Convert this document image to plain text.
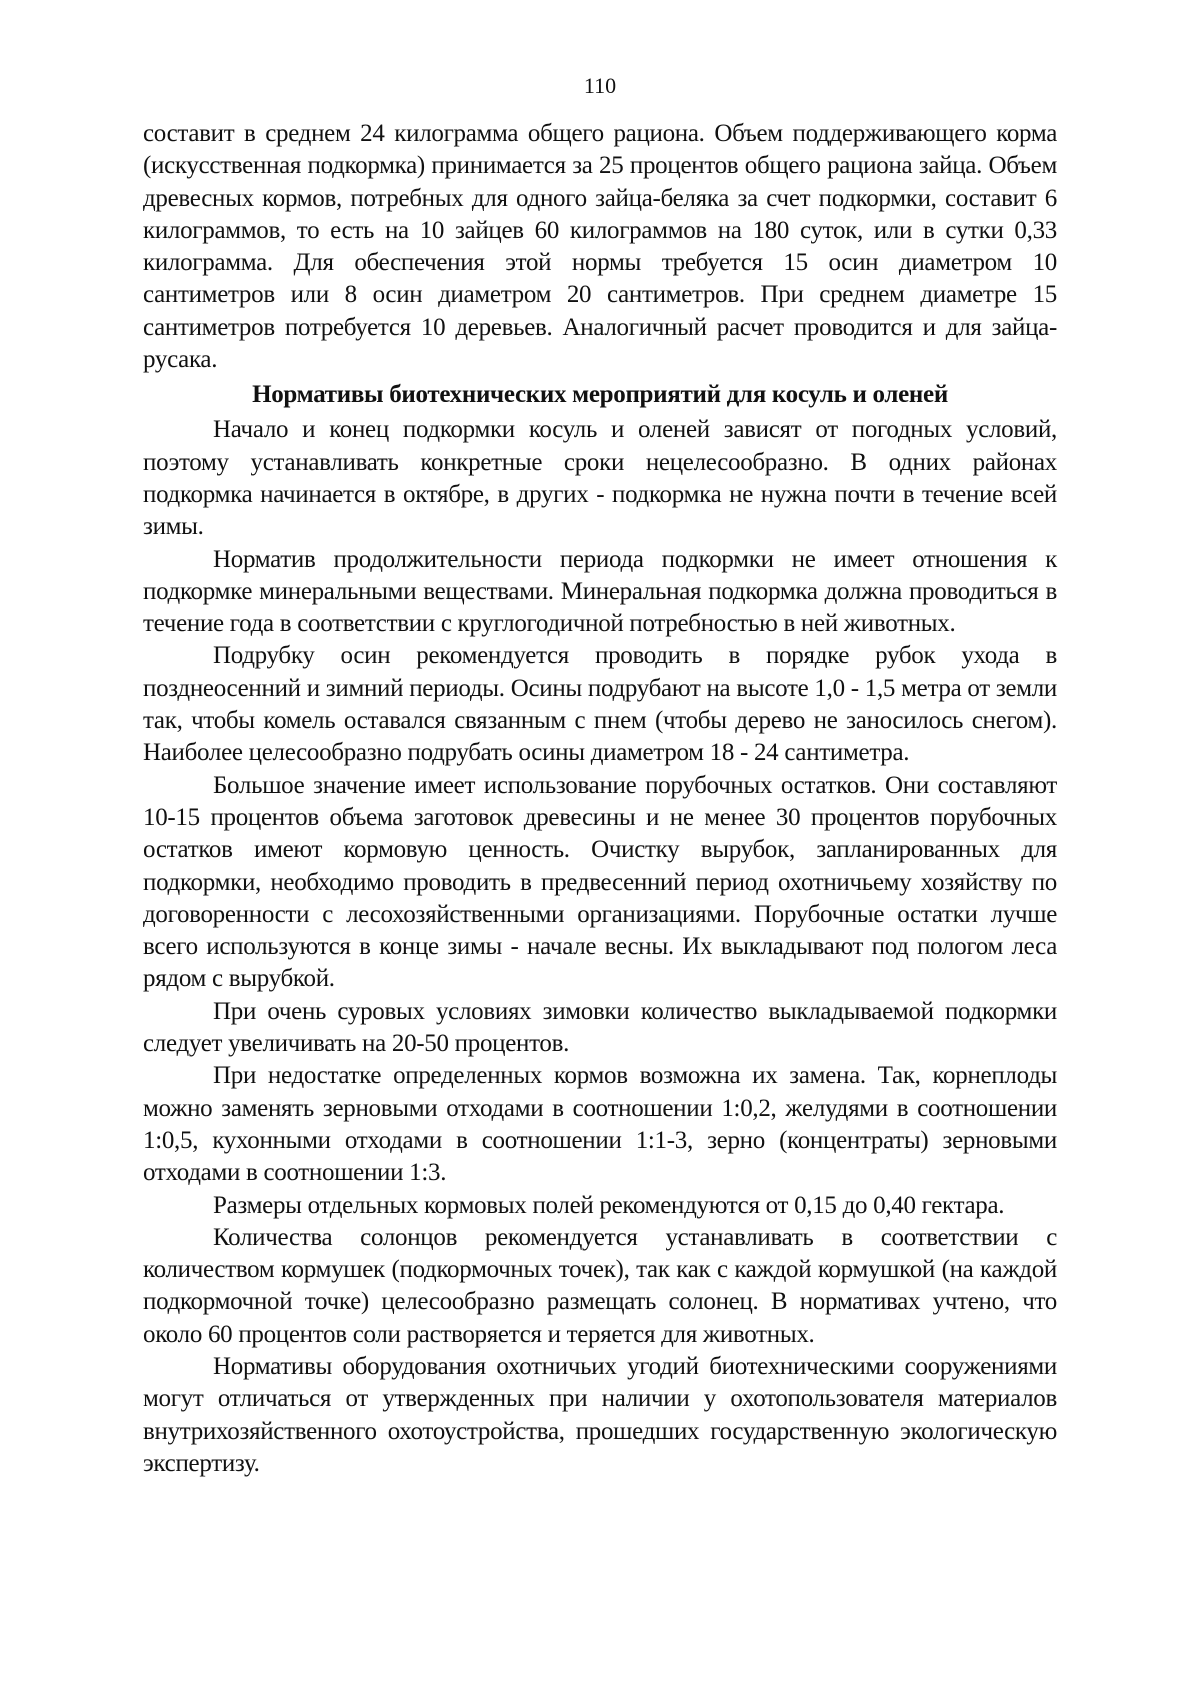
110

составит в среднем 24 килограмма общего рациона. Объем поддерживающего корма (искусственная подкормка) принимается за 25 процентов общего рациона зайца. Объем древесных кормов, потребных для одного зайца-беляка за счет подкормки, составит 6 килограммов, то есть на 10 зайцев 60 килограммов на 180 суток, или в сутки 0,33 килограмма. Для обеспечения этой нормы требуется 15 осин диаметром 10 сантиметров или 8 осин диаметром 20 сантиметров. При среднем диаметре 15 сантиметров потребуется 10 деревьев. Аналогичный расчет проводится и для зайца-русака.

Нормативы биотехнических мероприятий для косуль и оленей

Начало и конец подкормки косуль и оленей зависят от погодных условий, поэтому устанавливать конкретные сроки нецелесообразно. В одних районах подкормка начинается в октябре, в других - подкормка не нужна почти в течение всей зимы.

Норматив продолжительности периода подкормки не имеет отношения к подкормке минеральными веществами. Минеральная подкормка должна проводиться в течение года в соответствии с круглогодичной потребностью в ней животных.

Подрубку осин рекомендуется проводить в порядке рубок ухода в позднеосенний и зимний периоды. Осины подрубают на высоте 1,0 - 1,5 метра от земли так, чтобы комель оставался связанным с пнем (чтобы дерево не заносилось снегом). Наиболее целесообразно подрубать осины диаметром 18 - 24 сантиметра.

Большое значение имеет использование порубочных остатков. Они составляют 10-15 процентов объема заготовок древесины и не менее 30 процентов порубочных остатков имеют кормовую ценность. Очистку вырубок, запланированных для подкормки, необходимо проводить в предвесенний период охотничьему хозяйству по договоренности с лесохозяйственными организациями. Порубочные остатки лучше всего используются в конце зимы - начале весны. Их выкладывают под пологом леса рядом с вырубкой.

При очень суровых условиях зимовки количество выкладываемой подкормки следует увеличивать на 20-50 процентов.

При недостатке определенных кормов возможна их замена. Так, корнеплоды можно заменять зерновыми отходами в соотношении 1:0,2, желудями в соотношении 1:0,5, кухонными отходами в соотношении 1:1-3, зерно (концентраты) зерновыми отходами в соотношении 1:3.

Размеры отдельных кормовых полей рекомендуются от 0,15 до 0,40 гектара.

Количества солонцов рекомендуется устанавливать в соответствии с количеством кормушек (подкормочных точек), так как с каждой кормушкой (на каждой подкормочной точке) целесообразно размещать солонец. В нормативах учтено, что около 60 процентов соли растворяется и теряется для животных.

Нормативы оборудования охотничьих угодий биотехническими сооружениями могут отличаться от утвержденных при наличии у охотопользователя материалов внутрихозяйственного охотоустройства, прошедших государственную экологическую экспертизу.
